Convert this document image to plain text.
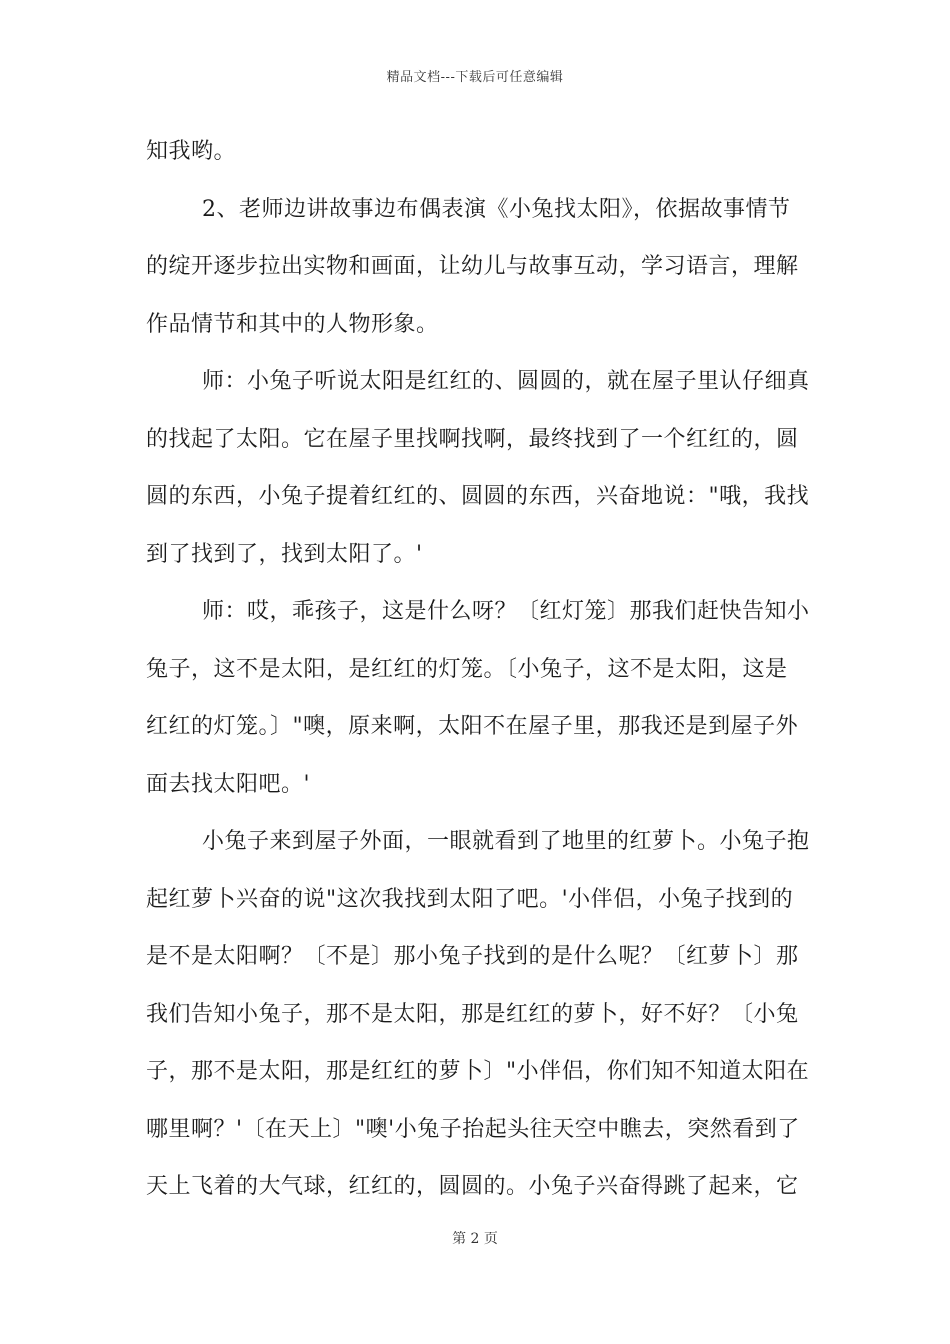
精品文档---下载后可任意编辑
知我哟。
2、老师边讲故事边布偶表演《小兔找太阳》，依据故事情节
的绽开逐步拉出实物和画面，让幼儿与故事互动，学习语言，理解
作品情节和其中的人物形象。
师：小兔子听说太阳是红红的、圆圆的，就在屋子里认仔细真
的找起了太阳。它在屋子里找啊找啊，最终找到了一个红红的，圆
圆的东西，小兔子提着红红的、圆圆的东西，兴奋地说："哦，我找
到了找到了，找到太阳了。'
师：哎，乖孩子，这是什么呀？〔红灯笼〕那我们赶快告知小
兔子，这不是太阳，是红红的灯笼。〔小兔子，这不是太阳，这是
红红的灯笼。〕"噢，原来啊，太阳不在屋子里，那我还是到屋子外
面去找太阳吧。'
小兔子来到屋子外面，一眼就看到了地里的红萝卜。小兔子抱
起红萝卜兴奋的说"这次我找到太阳了吧。'小伴侣，小兔子找到的
是不是太阳啊？〔不是〕那小兔子找到的是什么呢？〔红萝卜〕那
我们告知小兔子，那不是太阳，那是红红的萝卜，好不好？〔小兔
子，那不是太阳，那是红红的萝卜〕"小伴侣，你们知不知道太阳在
哪里啊？'〔在天上〕"噢'小兔子抬起头往天空中瞧去，突然看到了
天上飞着的大气球，红红的，圆圆的。小兔子兴奋得跳了起来，它
第 2 页
